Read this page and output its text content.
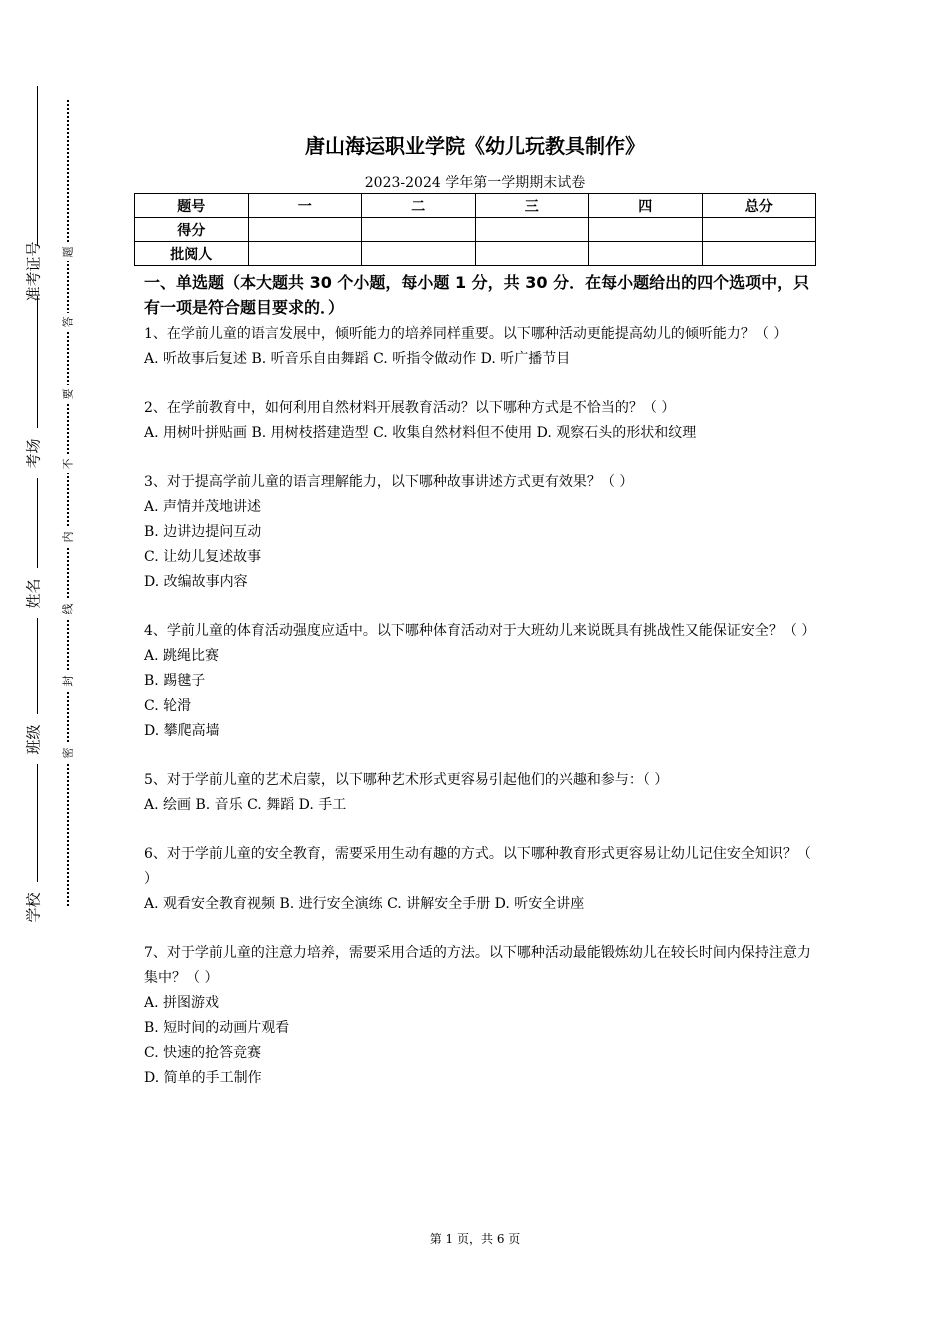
准考证号
考场
姓名
班级
学校
题
答
要
不
内
线
封
密
唐山海运职业学院《幼儿玩教具制作》
2023-2024 学年第一学期期末试卷
题号	一	二	三	四	总分
得分					
批阅人					

一、单选题（本大题共 30 个小题，每小题 1 分，共 30 分．在每小题给出的四个选项中，只有一项是符合题目要求的．）

1、在学前儿童的语言发展中，倾听能力的培养同样重要。以下哪种活动更能提高幼儿的倾听能力？（ ）

A. 听故事后复述 B. 听音乐自由舞蹈 C. 听指令做动作 D. 听广播节目

2、在学前教育中，如何利用自然材料开展教育活动？以下哪种方式是不恰当的？（ ）

A. 用树叶拼贴画 B. 用树枝搭建造型 C. 收集自然材料但不使用 D. 观察石头的形状和纹理

3、对于提高学前儿童的语言理解能力，以下哪种故事讲述方式更有效果？（ ）

A. 声情并茂地讲述

B. 边讲边提问互动

C. 让幼儿复述故事

D. 改编故事内容

4、学前儿童的体育活动强度应适中。以下哪种体育活动对于大班幼儿来说既具有挑战性又能保证安全？（ ）

A. 跳绳比赛

B. 踢毽子

C. 轮滑

D. 攀爬高墙

5、对于学前儿童的艺术启蒙，以下哪种艺术形式更容易引起他们的兴趣和参与：（ ）

A. 绘画 B. 音乐 C. 舞蹈 D. 手工

6、对于学前儿童的安全教育，需要采用生动有趣的方式。以下哪种教育形式更容易让幼儿记住安全知识？（ ）

A. 观看安全教育视频 B. 进行安全演练 C. 讲解安全手册 D. 听安全讲座

7、对于学前儿童的注意力培养，需要采用合适的方法。以下哪种活动最能锻炼幼儿在较长时间内保持注意力集中？（ ）

A. 拼图游戏

B. 短时间的动画片观看

C. 快速的抢答竞赛

D. 简单的手工制作

第 1 页，共 6 页
